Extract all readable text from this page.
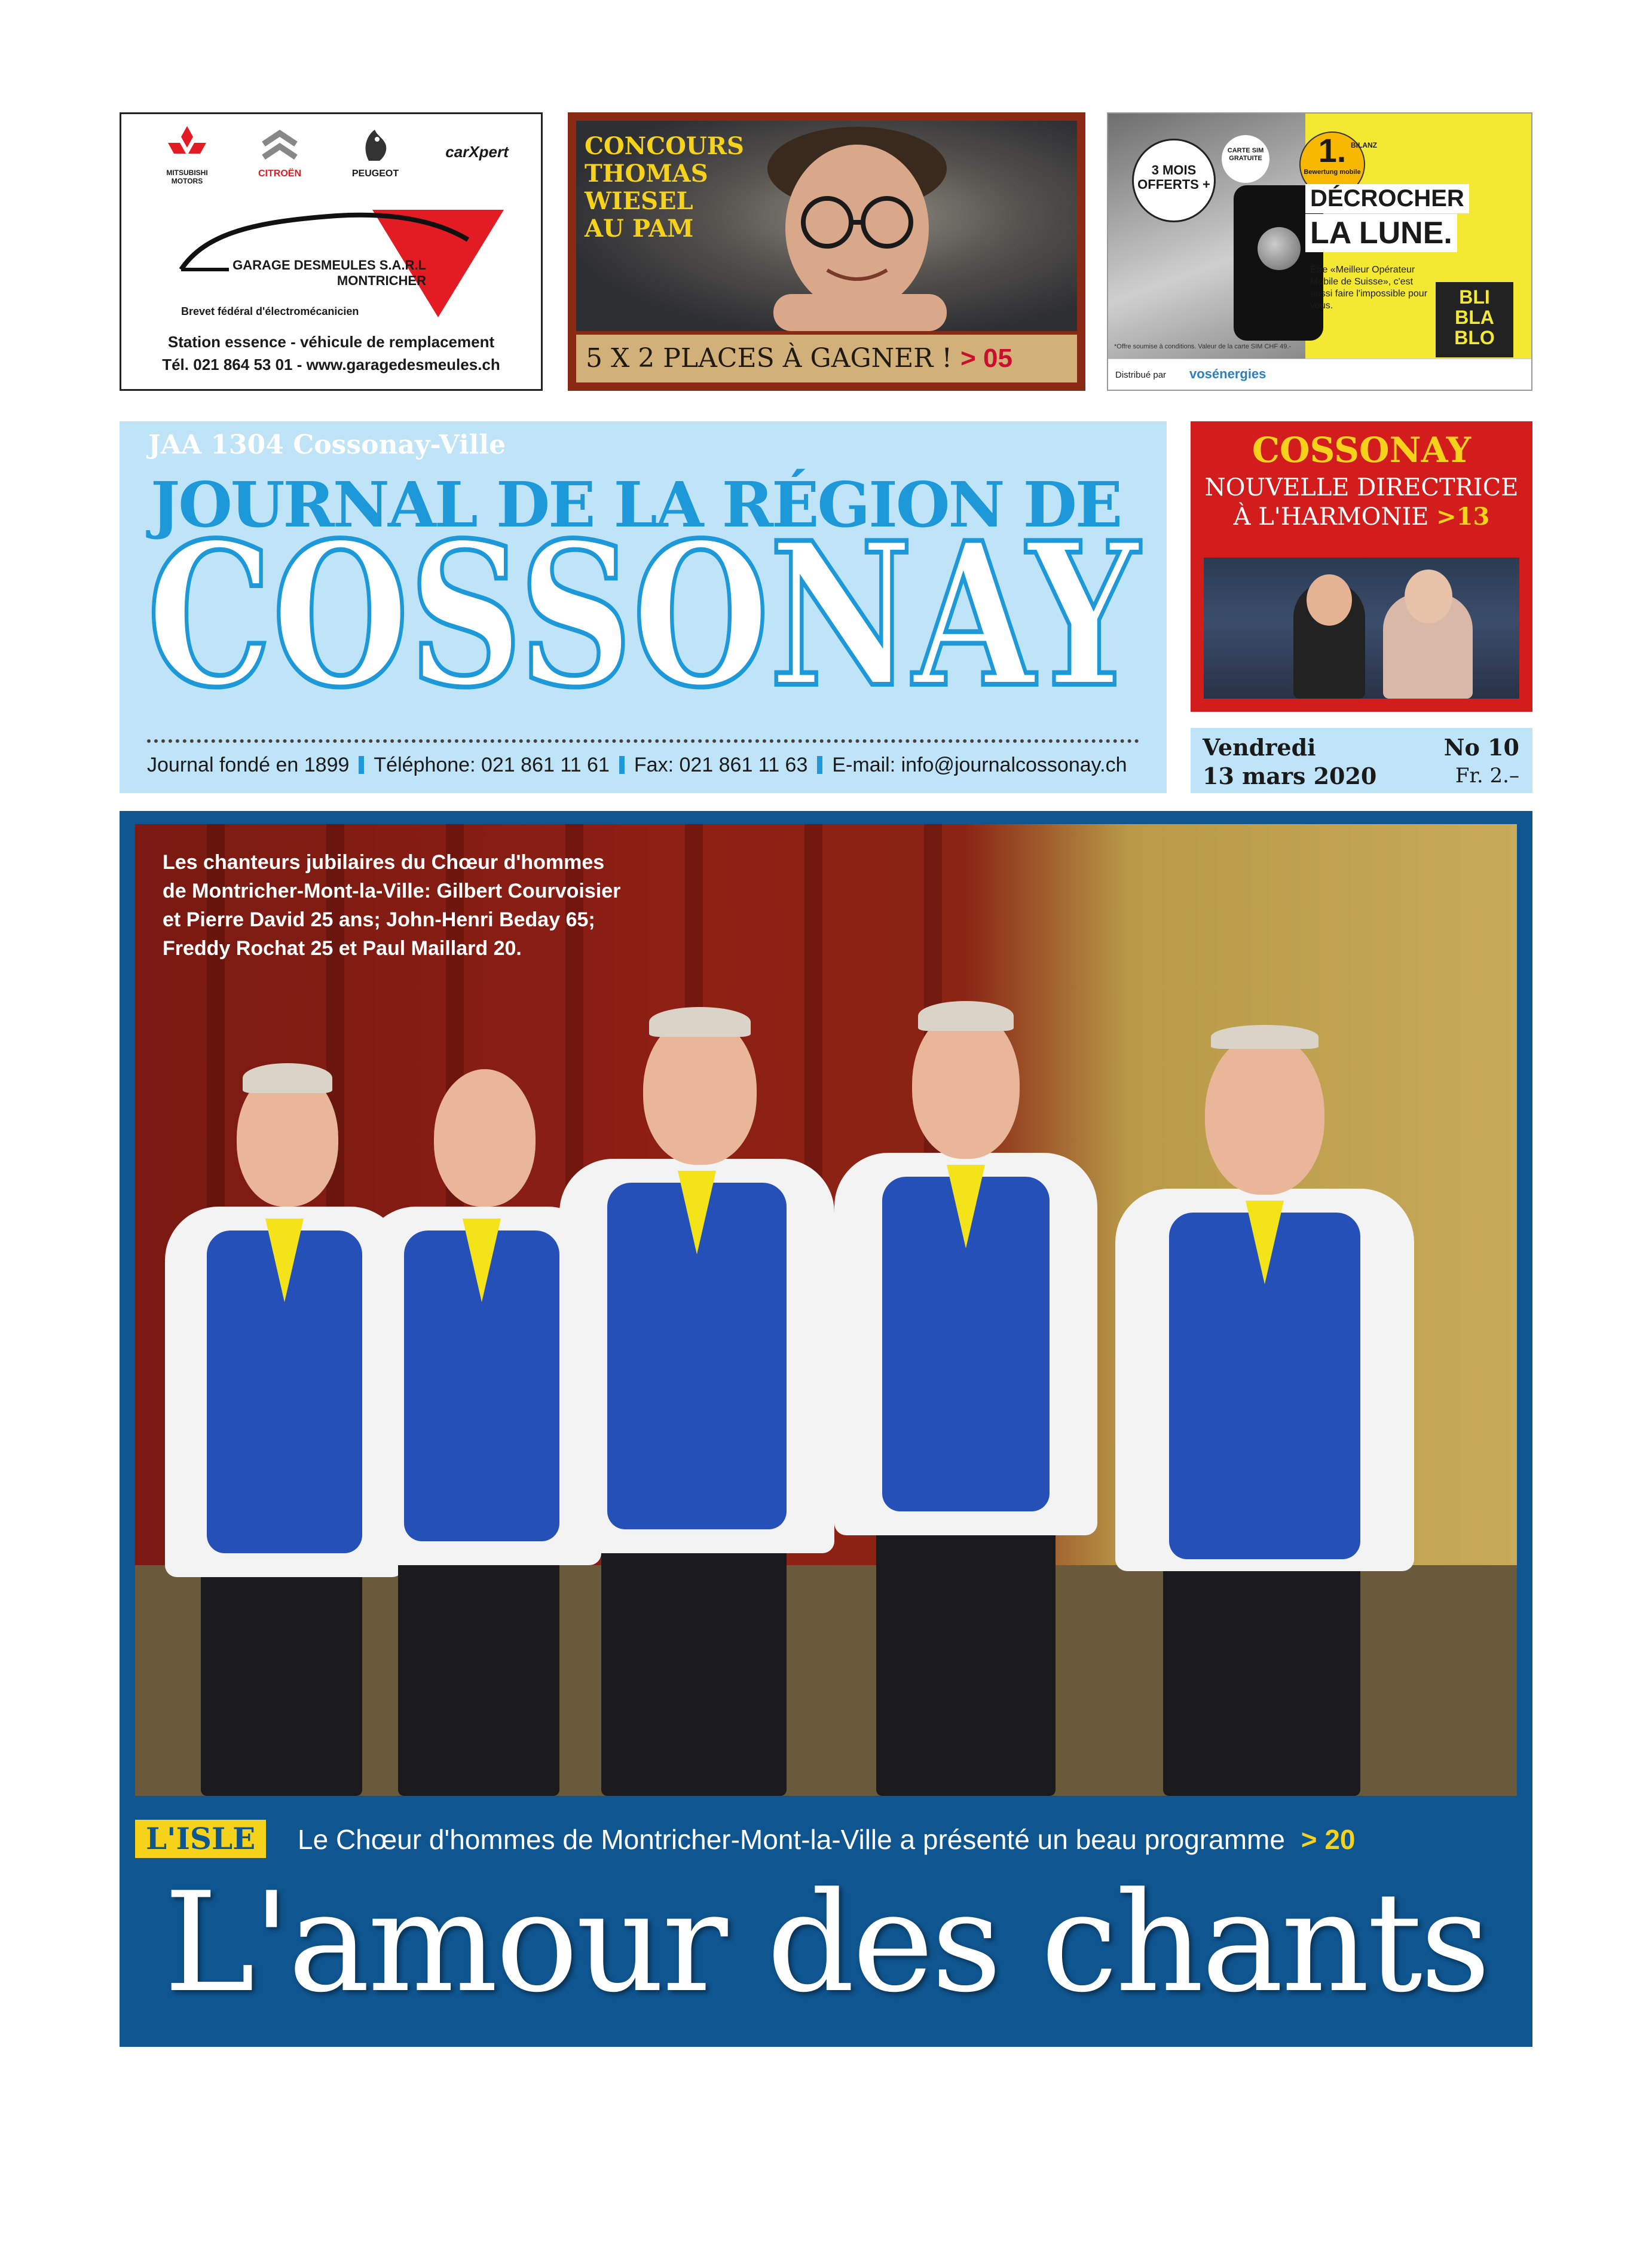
MITSUBISHI MOTORS
CITROËN	PEUGEOT
carXpert
GARAGE DESMEULES S.A.R.L
MONTRICHER
Brevet fédéral d'électromécanicien
Station essence - véhicule de remplacement
Tél. 021 864 53 01 - www.garagedesmeules.ch
CONCOURS
THOMAS
WIESEL
AU PAM
5 X 2 PLACES À GAGNER ! > 05
3 MOIS OFFERTS +
CARTE SIM GRATUITE	1.
Bewertung mobile
BILANZ
DÉCROCHER
LA LUNE.
Être «Meilleur Opérateur Mobile de Suisse», c'est aussi faire l'impossible pour vous.	BLI
BLA
BLO
*Offre soumise à conditions. Valeur de la carte SIM CHF 49.-
Distribué par vosénergies
JAA 1304 Cossonay-Ville
JOURNAL DE LA RÉGION DE
COSSONAY
Journal fondé en 1899 Téléphone: 021 861 11 61 Fax: 021 861 11 63 E-mail: info@journalcossonay.ch
COSSONAY
NOUVELLE DIRECTRICE
À L'HARMONIE >13
Vendredi
13 mars 2020
No 10
Fr. 2.–
Les chanteurs jubilaires du Chœur d'hommes de Montricher-Mont-la-Ville: Gilbert Courvoisier et Pierre David 25 ans; John-Henri Beday 65; Freddy Rochat 25 et Paul Maillard 20.
L'ISLE	Le Chœur d'hommes de Montricher-Mont-la-Ville a présenté un beau programme > 20
L'amour des chants
